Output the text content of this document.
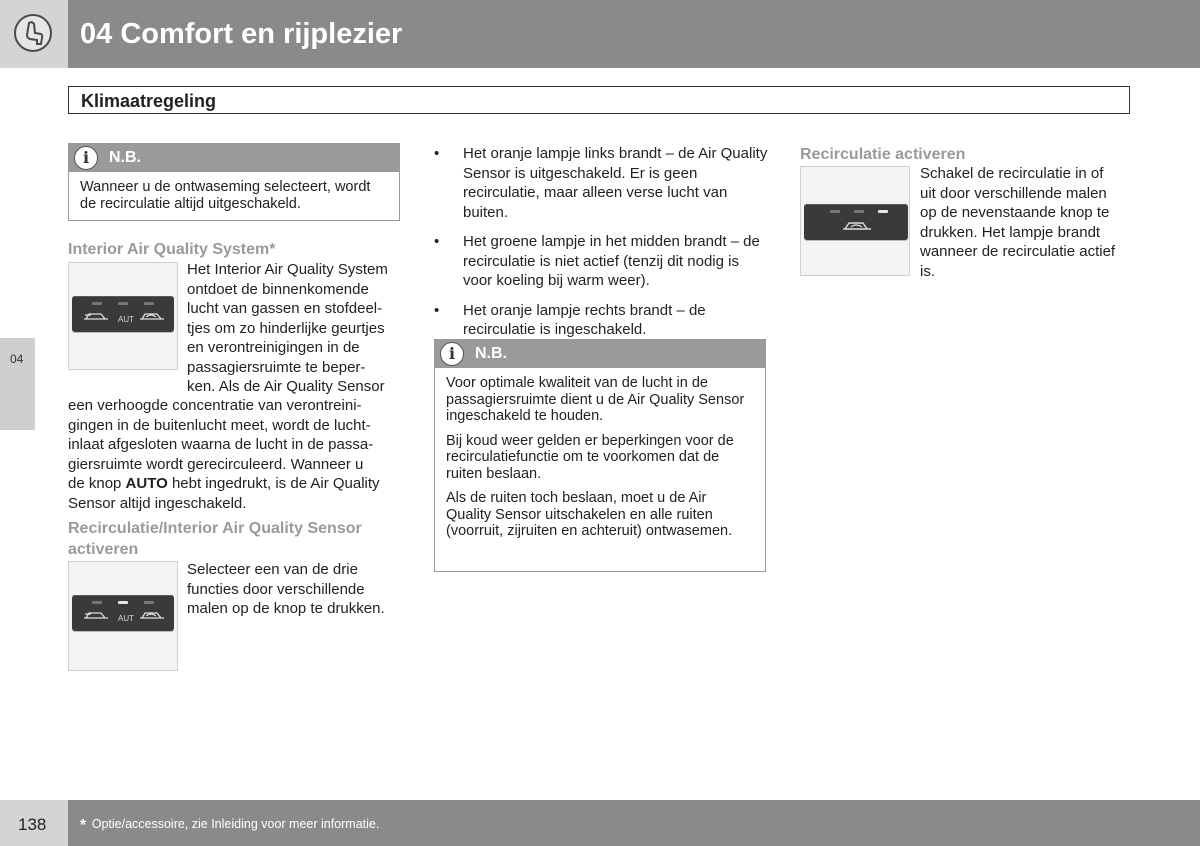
04 Comfort en rijplezier
Klimaatregeling
04
i	N.B.

Wanneer u de ontwaseming selecteert, wordt de recirculatie altijd uitgeschakeld.

Interior Air Quality System*
AUT

Het Interior Air Quality System

ontdoet de binnenkomende

lucht van gassen en stofdeel-

tjes om zo hinderlijke geurtjes

en verontreinigingen in de

passagiersruimte te beper-

ken. Als de Air Quality Sensor

een verhoogde concentratie van verontreini-

gingen in de buitenlucht meet, wordt de lucht-

inlaat afgesloten waarna de lucht in de passa-

giersruimte wordt gerecirculeerd. Wanneer u

de knop AUTO hebt ingedrukt, is de Air Quality

Sensor altijd ingeschakeld.

Recirculatie/Interior Air Quality Sensor
activeren
AUT

Selecteer een van de drie

functies door verschillende

malen op de knop te drukken.

• Het oranje lampje links brandt – de Air Quality Sensor is uitgeschakeld. Er is geen recirculatie, maar alleen verse lucht van buiten.
• Het groene lampje in het midden brandt – de recirculatie is niet actief (tenzij dit nodig is voor koeling bij warm weer).
• Het oranje lampje rechts brandt – de recirculatie is ingeschakeld.
i	N.B.

Voor optimale kwaliteit van de lucht in de passagiersruimte dient u de Air Quality Sensor ingeschakeld te houden.

Bij koud weer gelden er beperkingen voor de recirculatiefunctie om te voorkomen dat de ruiten beslaan.

Als de ruiten toch beslaan, moet u de Air Quality Sensor uitschakelen en alle ruiten (voorruit, zijruiten en achteruit) ontwasemen.

Recirculatie activeren

Schakel de recirculatie in of

uit door verschillende malen

op de nevenstaande knop te

drukken. Het lampje brandt

wanneer de recirculatie actief

is.

138 * Optie/accessoire, zie Inleiding voor meer informatie.
